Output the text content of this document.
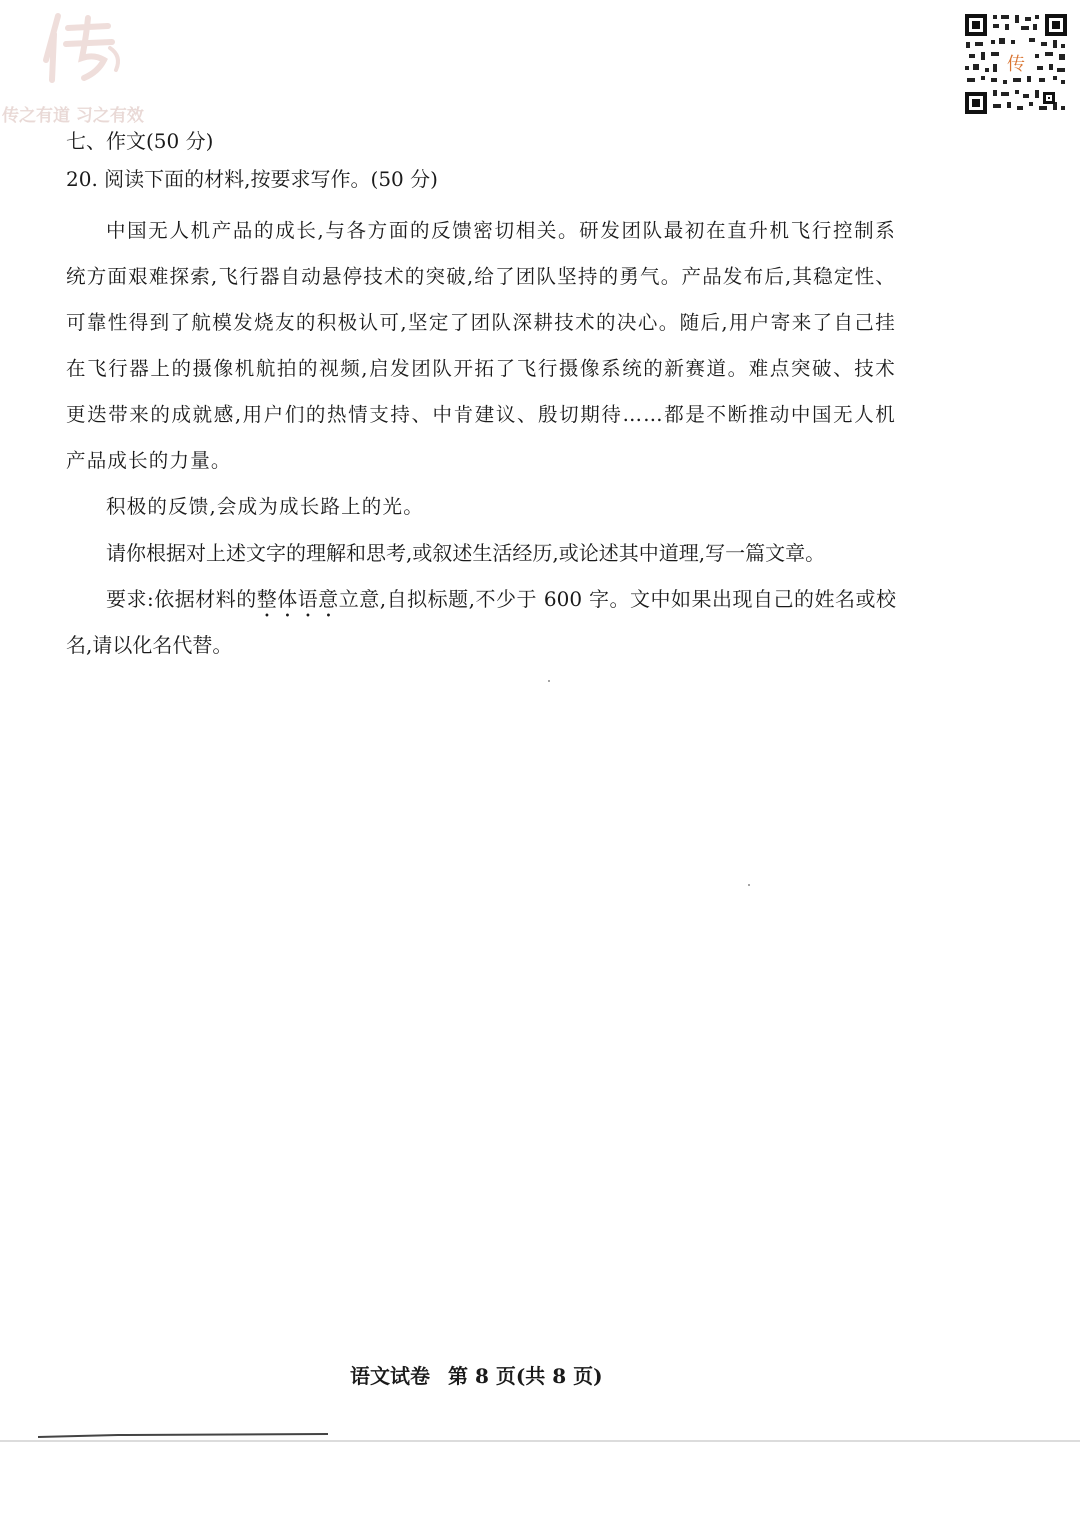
传之有道 习之有效
传
七、作文(50 分)
20. 阅读下面的材料,按要求写作。(50 分)

中国无人机产品的成长,与各方面的反馈密切相关。研发团队最初在直升机飞行控制系统方面艰难探索,飞行器自动悬停技术的突破,给了团队坚持的勇气。产品发布后,其稳定性、可靠性得到了航模发烧友的积极认可,坚定了团队深耕技术的决心。随后,用户寄来了自己挂在飞行器上的摄像机航拍的视频,启发团队开拓了飞行摄像系统的新赛道。难点突破、技术更迭带来的成就感,用户们的热情支持、中肯建议、殷切期待……都是不断推动中国无人机产品成长的力量。

积极的反馈,会成为成长路上的光。

请你根据对上述文字的理解和思考,或叙述生活经历,或论述其中道理,写一篇文章。

要求:依据材料的整体语意立意,自拟标题,不少于 600 字。文中如果出现自己的姓名或校名,请以化名代替。

语文试卷 第 8 页(共 8 页)
